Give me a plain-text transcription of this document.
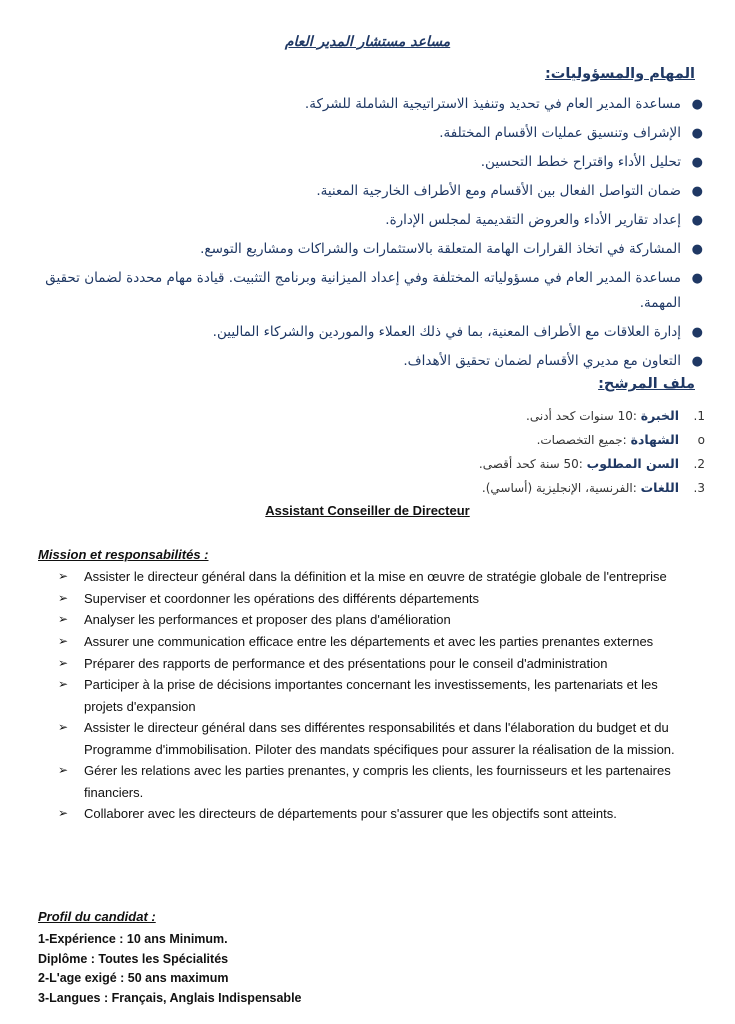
مساعد مستشار المدير العام
المهام والمسؤوليات:
●
مساعدة المدير العام في تحديد وتنفيذ الاستراتيجية الشاملة للشركة.
●
الإشراف وتنسيق عمليات الأقسام المختلفة.
●
تحليل الأداء واقتراح خطط التحسين.
●
ضمان التواصل الفعال بين الأقسام ومع الأطراف الخارجية المعنية.
●
إعداد تقارير الأداء والعروض التقديمية لمجلس الإدارة.
●
المشاركة في اتخاذ القرارات الهامة المتعلقة بالاستثمارات والشراكات ومشاريع التوسع.
●
مساعدة المدير العام في مسؤولياته المختلفة وفي إعداد الميزانية وبرنامج التثبيت. قيادة مهام محددة لضمان تحقيق المهمة.
●
إدارة العلاقات مع الأطراف المعنية، بما في ذلك العملاء والموردين والشركاء الماليين.
●
التعاون مع مديري الأقسام لضمان تحقيق الأهداف.
ملف المرشح:
1.
الخبرة :10 سنوات كحد أدنى.
o
الشهادة :جميع التخصصات.
2.
السن المطلوب :50 سنة كحد أقصى.
3.
اللغات :الفرنسية، الإنجليزية (أساسي).
Assistant Conseiller de Directeur
Mission et responsabilités :
➢ Assister le directeur général dans la définition et la mise en œuvre de stratégie globale de l'entreprise
➢ Superviser et coordonner les opérations des différents départements
➢ Analyser les performances et proposer des plans d'amélioration
➢ Assurer une communication efficace entre les départements et avec les parties prenantes externes
➢ Préparer des rapports de performance et des présentations pour le conseil d'administration
➢ Participer à la prise de décisions importantes concernant les investissements, les partenariats et les projets d'expansion
➢ Assister le directeur général dans ses différentes responsabilités et dans l'élaboration du budget et du Programme d'immobilisation. Piloter des mandats spécifiques pour assurer la réalisation de la mission.
➢ Gérer les relations avec les parties prenantes, y compris les clients, les fournisseurs et les partenaires financiers.
➢ Collaborer avec les directeurs de départements pour s'assurer que les objectifs sont atteints.
Profil du candidat :
1-Expérience : 10 ans Minimum.
Diplôme : Toutes les Spécialités
2-L'age exigé : 50 ans maximum
3-Langues : Français, Anglais Indispensable
